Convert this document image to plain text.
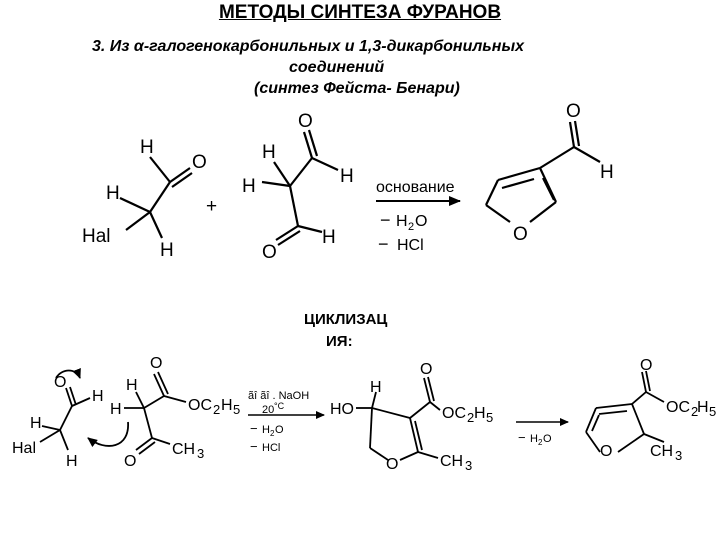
МЕТОДЫ СИНТЕЗА ФУРАНОВ
3. Из α-галогенокарбонильных и 1,3-дикарбонильных
соединений
(синтез Фейста- Бенари)
ЦИКЛИЗАЦ
ИЯ:
H
O
H
Hal
H
+
O
H
H
H
H
O
основание
− H 2 O
− HCl
O
O
H
O
H
H
Hal
H
O
H
H
O
OC 2 H 5
CH 3
ãî ãî . NaOH
20 °C
− H 2 O
− HCl
H
HO
O
O
OC 2 H 5
CH 3
− H 2 O
O
O
OC 2
H 5
CH 3
